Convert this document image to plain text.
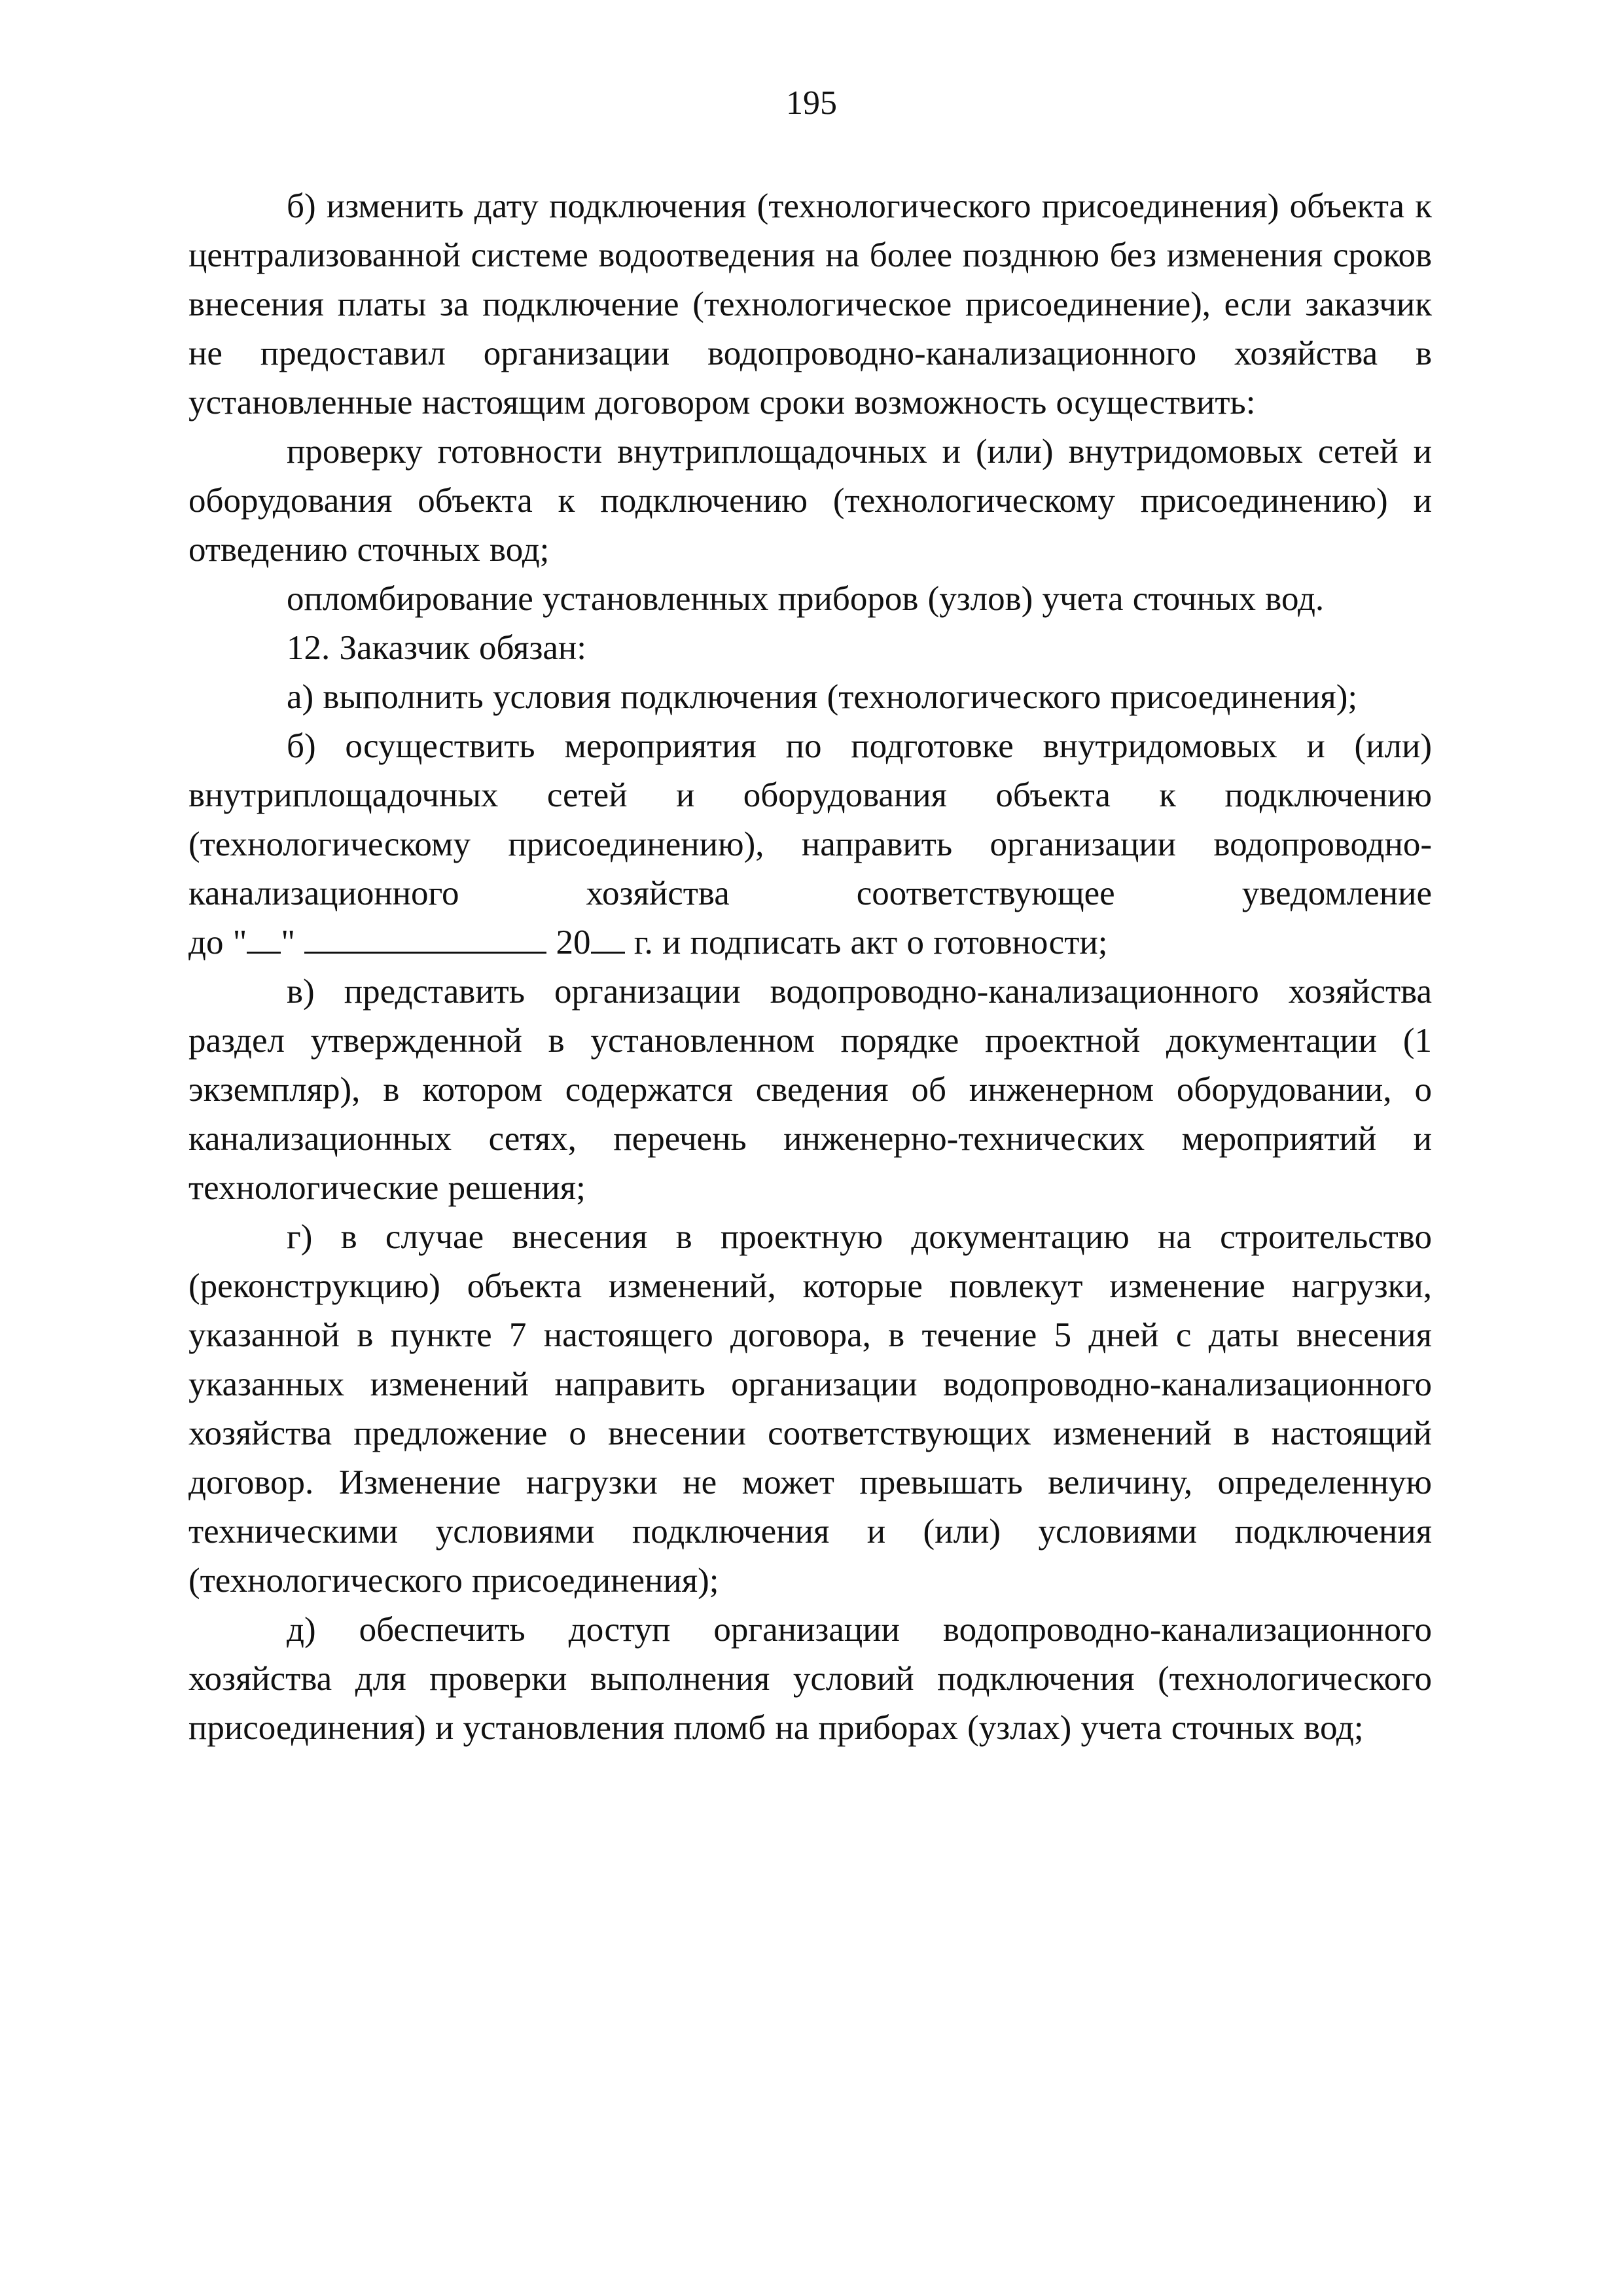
195

б) изменить дату подключения (технологического присоединения) объекта к централизованной системе водоотведения на более позднюю без изменения сроков внесения платы за подключение (технологическое присоединение), если заказчик не предоставил организации водопроводно-канализационного хозяйства в установленные настоящим договором сроки возможность осуществить:

проверку готовности внутриплощадочных и (или) внутридомовых сетей и оборудования объекта к подключению (технологическому присоединению) и отведению сточных вод;

опломбирование установленных приборов (узлов) учета сточных вод.

12. Заказчик обязан:

а) выполнить условия подключения (технологического присоединения);

б) осуществить мероприятия по подготовке внутридомовых и (или) внутриплощадочных сетей и оборудования объекта к подключению (технологическому присоединению), направить организации водопроводно-канализационного хозяйства соответствующее уведомление

до " "	20 г. и подписать акт о готовности;

в) представить организации водопроводно-канализационного хозяйства раздел утвержденной в установленном порядке проектной документации (1 экземпляр), в котором содержатся сведения об инженерном оборудовании, о канализационных сетях, перечень инженерно-технических мероприятий и технологические решения;

г) в случае внесения в проектную документацию на строительство (реконструкцию) объекта изменений, которые повлекут изменение нагрузки, указанной в пункте 7 настоящего договора, в течение 5 дней с даты внесения указанных изменений направить организации водопроводно-канализационного хозяйства предложение о внесении соответствующих изменений в настоящий договор. Изменение нагрузки не может превышать величину, определенную техническими условиями подключения и (или) условиями подключения (технологического присоединения);

д) обеспечить доступ организации водопроводно-канализационного хозяйства для проверки выполнения условий подключения (технологического присоединения) и установления пломб на приборах (узлах) учета сточных вод;
